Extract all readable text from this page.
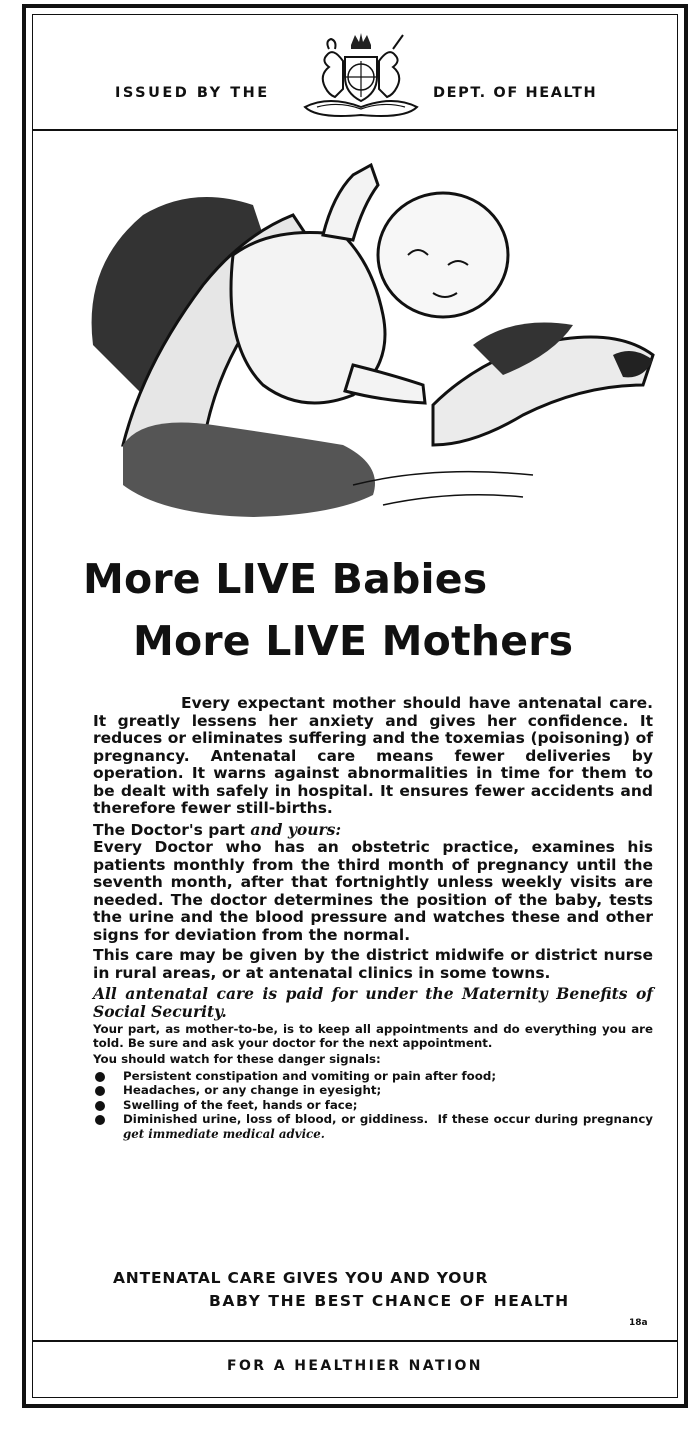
ISSUED BY THE	DEPT. OF HEALTH
More LIVE Babies
More LIVE Mothers

Every expectant mother should have antenatal care. It greatly lessens her anxiety and gives her confidence. It reduces or eliminates suffering and the toxemias (poisoning) of pregnancy. Antenatal care means fewer deliveries by operation. It warns against abnormalities in time for them to be dealt with safely in hospital. It ensures fewer accidents and therefore fewer still-births.

The Doctor's part and yours:

Every Doctor who has an obstetric practice, examines his patients monthly from the third month of pregnancy until the seventh month, after that fortnightly unless weekly visits are needed. The doctor determines the position of the baby, tests the urine and the blood pressure and watches these and other signs for deviation from the normal.

This care may be given by the district midwife or district nurse in rural areas, or at antenatal clinics in some towns.

All antenatal care is paid for under the Maternity Benefits of Social Security.

Your part, as mother-to-be, is to keep all appointments and do everything you are told. Be sure and ask your doctor for the next appointment.

You should watch for these danger signals:

Persistent constipation and vomiting or pain after food;
Headaches, or any change in eyesight;
Swelling of the feet, hands or face;
Diminished urine, loss of blood, or giddiness. If these occur during pregnancy get immediate medical advice.
ANTENATAL CARE GIVES YOU AND YOUR
BABY THE BEST CHANCE OF HEALTH
18a
FOR A HEALTHIER NATION
